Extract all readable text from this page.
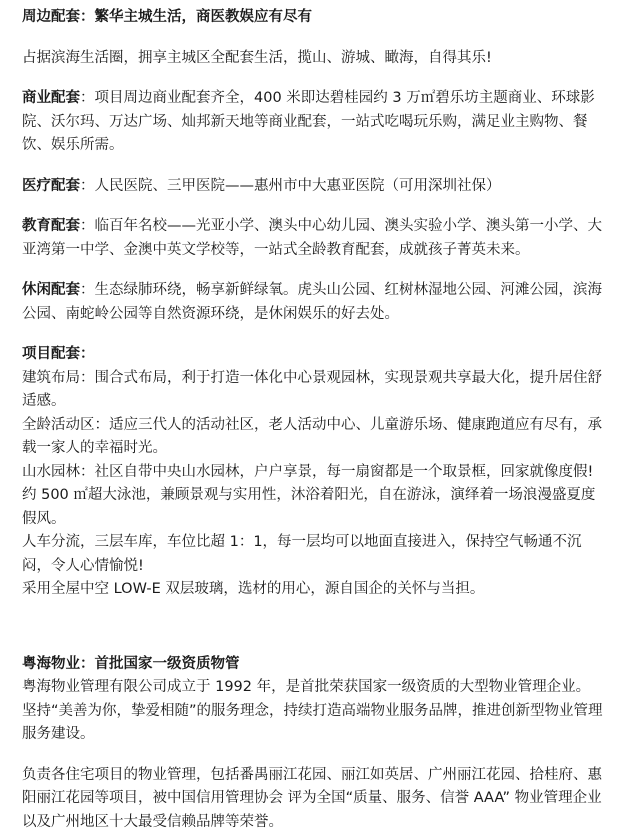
周边配套：繁华主城生活，商医教娱应有尽有

占据滨海生活圈，拥享主城区全配套生活，揽山、游城、瞰海，自得其乐!

商业配套：项目周边商业配套齐全，400 米即达碧桂园约 3 万㎡碧乐坊主题商业、环球影院、沃尔玛、万达广场、灿邦新天地等商业配套，一站式吃喝玩乐购，满足业主购物、餐饮、娱乐所需。

医疗配套：人民医院、三甲医院——惠州市中大惠亚医院（可用深圳社保）

教育配套：临百年名校——光亚小学、澳头中心幼儿园、澳头实验小学、澳头第一小学、大亚湾第一中学、金澳中英文学校等，一站式全龄教育配套，成就孩子菁英未来。

休闲配套：生态绿肺环绕，畅享新鲜绿氧。虎头山公园、红树林湿地公园、河滩公园，滨海公园、南蛇岭公园等自然资源环绕，是休闲娱乐的好去处。

项目配套：

建筑布局：围合式布局，利于打造一体化中心景观园林，实现景观共享最大化，提升居住舒适感。

全龄活动区：适应三代人的活动社区，老人活动中心、儿童游乐场、健康跑道应有尽有，承载一家人的幸福时光。

山水园林：社区自带中央山水园林，户户享景，每一扇窗都是一个取景框，回家就像度假!约 500 ㎡超大泳池，兼顾景观与实用性，沐浴着阳光，自在游泳，演绎着一场浪漫盛夏度假风。

人车分流，三层车库，车位比超 1：1，每一层均可以地面直接进入，保持空气畅通不沉闷，令人心情愉悦!

采用全屋中空 LOW-E 双层玻璃，选材的用心，源自国企的关怀与当担。

粤海物业：首批国家一级资质物管

粤海物业管理有限公司成立于 1992 年，是首批荣获国家一级资质的大型物业管理企业。坚持“美善为你，挚爱相随”的服务理念，持续打造高端物业服务品牌，推进创新型物业管理服务建设。

负责各住宅项目的物业管理，包括番禺丽江花园、丽江如英居、广州丽江花园、拾桂府、惠阳丽江花园等项目，被中国信用管理协会 评为全国“质量、服务、信誉 AAA” 物业管理企业以及广州地区十大最受信赖品牌等荣誉。
